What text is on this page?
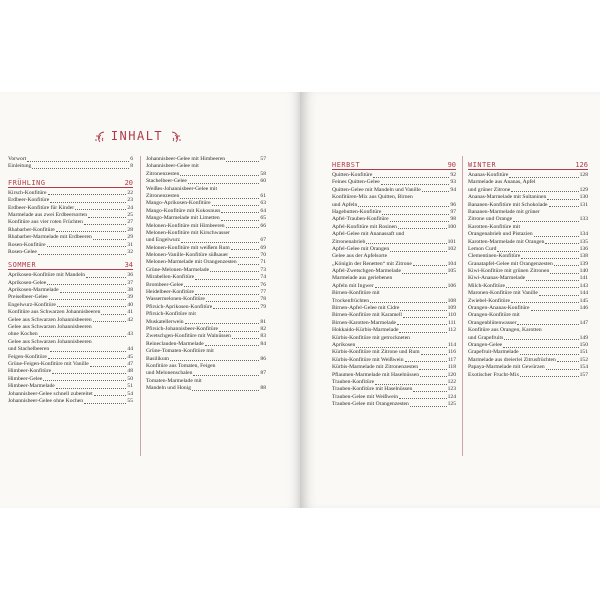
INHALT
Vorwort	6
Einleitung	8
FRÜHLING	20
Kirsch-Konfitüre	22
Erdbeer-Konfitüre	23
Erdbeer-Konfitüre für Kinder	24
Marmelade aus zwei Erdbeersorten	25
Konfitüre aus vier roten Früchten	27
Rhabarber-Konfitüre	28
Rhabarber-Marmelade mit Erdbeeren	29
Rosen-Konfitüre	31
Rosen-Gelee	32
SOMMER	34
Aprikosen-Konfitüre mit Mandeln	36
Aprikosen-Gelee	37
Aprikosen-Marmelade	38
Preiselbeer-Gelee	39
Engelwurz-Konfitüre	40
Konfitüre aus Schwarzen Johannisbeeren	41
Gelee aus Schwarzen Johannisbeeren	42
Gelee aus Schwarzen Johannisbeeren
ohne Kochen	43
Gelee aus Schwarzen Johannisbeeren
und Stachelbeeren	44
Feigen-Konfitüre	45
Grüne-Feigen-Konfitüre mit Vanille	47
Himbeer-Konfitüre	48
Himbeer-Gelee	50
Himbeer-Marmelade	51
Johannisbeer-Gelee schnell zubereitet	54
Johannisbeer-Gelee ohne Kochen	55
Johannisbeer-Gelee mit Himbeeren	57
Johannisbeer-Gelee mit
Zitronenzesten	58
Stachelbeer-Gelee	60
Weißes-Johannisbeer-Gelee mit
Zitronenzesten	61
Mango-Aprikosen-Konfitüre	63
Mango-Konfitüre mit Kokosnuss	64
Mango-Marmelade mit Limetten	65
Melonen-Konfitüre mit Himbeeren	66
Melonen-Konfitüre mit Kirschwasser
und Engelwurz	67
Melonen-Konfitüre mit weißem Rum	69
Melonen-Vanille-Konfitüre süßsauer	70
Melonen-Marmelade mit Orangenzesten	71
Grüne-Melonen-Marmelade	73
Mirabellen-Konfitüre	74
Brombeer-Gelee	76
Heidelbeer-Konfitüre	77
Wassermelonen-Konfitüre	78
Pfirsich-Aprikosen-Konfitüre	79
Pfirsich-Konfitüre mit
Muskatellerwein	81
Pfirsich-Johannisbeer-Konfitüre	82
Zwetschgen-Konfitüre mit Walnüssen	83
Reineclauden-Marmelade	84
Grüne-Tomaten-Konfitüre mit
Basilikum	86
Konfitüre aus Tomaten, Feigen
und Melonenschalen	87
Tomaten-Marmelade mit
Mandeln und Honig	88
HERBST	90
Quitten-Konfitüre	92
Feines Quitten-Gelee	93
Quitten-Gelee mit Mandeln und Vanille	94
Konfitüren-Mix aus Quitten, Birnen
und Äpfeln	96
Hagebutten-Konfitüre	97
Apfel-Trauben-Konfitüre	98
Apfel-Konfitüre mit Rosinen	100
Apfel-Gelee mit Ananassaft und
Zitronenabrieb	101
Apfel-Gelee mit Orangen	102
Gelee aus der Apfelsorte
„Königin der Renetten“ mit Zitrone	104
Apfel-Zwetschgen-Marmelade	105
Marmelade aus geriebenen
Äpfeln mit Ingwer	106
Birnen-Konfitüre mit
Trockenfrüchten	108
Birnen-Apfel-Gelee mit Cidre	109
Birnen-Konfitüre mit Karamell	110
Birnen-Karotten-Marmelade	111
Hokkaido-Kürbis-Marmelade	112
Kürbis-Konfitüre mit getrockneten
Aprikosen	114
Kürbis-Konfitüre mit Zitrone und Rum	116
Kürbis-Konfitüre mit Weißwein	117
Kürbis-Marmelade mit Zitronenzesten	118
Pflaumen-Marmelade mit Haselnüssen	120
Trauben-Konfitüre	122
Trauben-Konfitüre mit Haselnüssen	123
Trauben-Gelee mit Weißwein	124
Trauben-Gelee mit Orangenzesten	125
WINTER	126
Ananas-Konfitüre	128
Marmelade aus Ananas, Apfel
und grüner Zitrone	129
Ananas-Marmelade mit Sultaninen	130
Bananen-Konfitüre mit Schokolade	131
Bananen-Marmelade mit grüner
Zitrone und Orange	133
Karotten-Konfitüre mit
Orangenabrieb und Pistazien	134
Karotten-Marmelade mit Orangen	135
Lemon Curd	136
Clementinen-Konfitüre	138
Granatapfel-Gelee mit Orangenzesten	139
Kiwi-Konfitüre mit grünen Zitronen	140
Kiwi-Ananas-Marmelade	141
Milch-Konfitüre	143
Maronen-Konfitüre mit Vanille	144
Zwiebel-Konfitüre	145
Orangen-Ananas-Konfitüre	146
Orangen-Konfitüre mit
Orangenblütenwasser	147
Konfitüre aus Orangen, Karotten
und Grapefruits	149
Orangen-Gelee	150
Grapefruit-Marmelade	151
Marmelade aus dreierlei Zitrusfrüchten	152
Papaya-Marmelade mit Gewürzen	154
Exotischer Frucht-Mix	157
